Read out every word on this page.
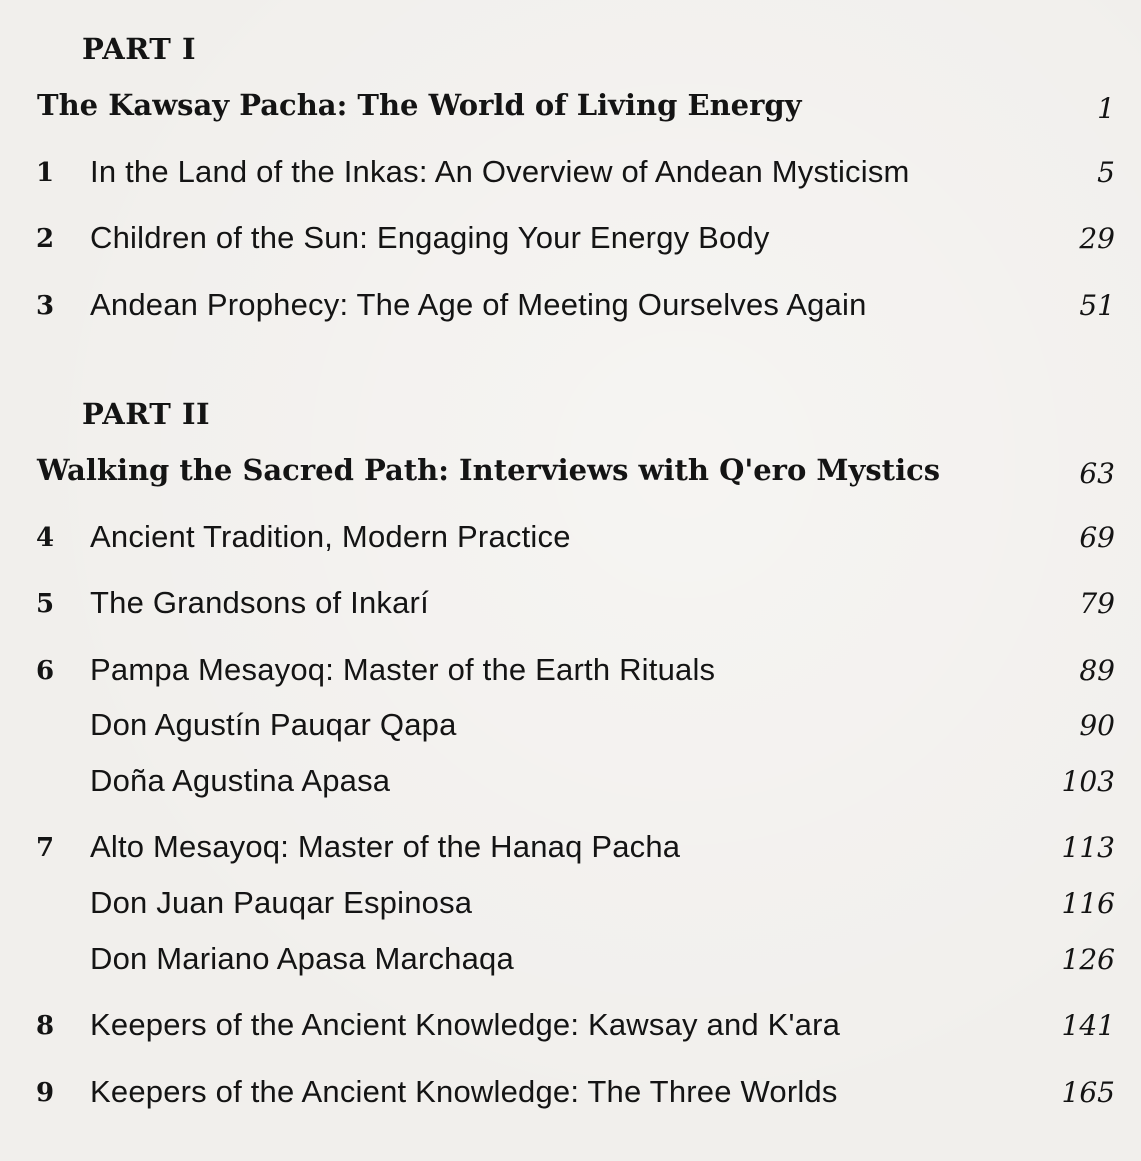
PART I
The Kawsay Pacha: The World of Living Energy	1
1 In the Land of the Inkas: An Overview of Andean Mysticism	5
2 Children of the Sun: Engaging Your Energy Body	29
3 Andean Prophecy: The Age of Meeting Ourselves Again	51
PART II
Walking the Sacred Path: Interviews with Q'ero Mystics	63
4 Ancient Tradition, Modern Practice	69
5 The Grandsons of Inkarí	79
6 Pampa Mesayoq: Master of the Earth Rituals	89
Don Agustín Pauqar Qapa	90
Doña Agustina Apasa	103
7 Alto Mesayoq: Master of the Hanaq Pacha	113
Don Juan Pauqar Espinosa	116
Don Mariano Apasa Marchaqa	126
8 Keepers of the Ancient Knowledge: Kawsay and K'ara	141
9 Keepers of the Ancient Knowledge: The Three Worlds	165
